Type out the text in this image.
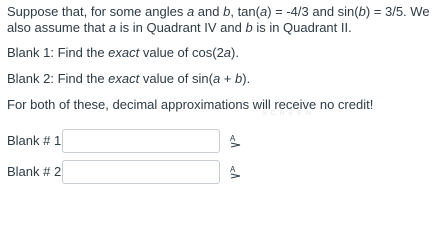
Suppose that, for some angles a and b, tan(a) = -4/3 and sin(b) = 3/5. We also assume that a is in Quadrant IV and b is in Quadrant II.

Blank 1: Find the exact value of cos(2a).

Blank 2: Find the exact value of sin(a + b).

For both of these, decimal approximations will receive no credit!

S C R E E N
Blank # 1	A
Blank # 2	A
